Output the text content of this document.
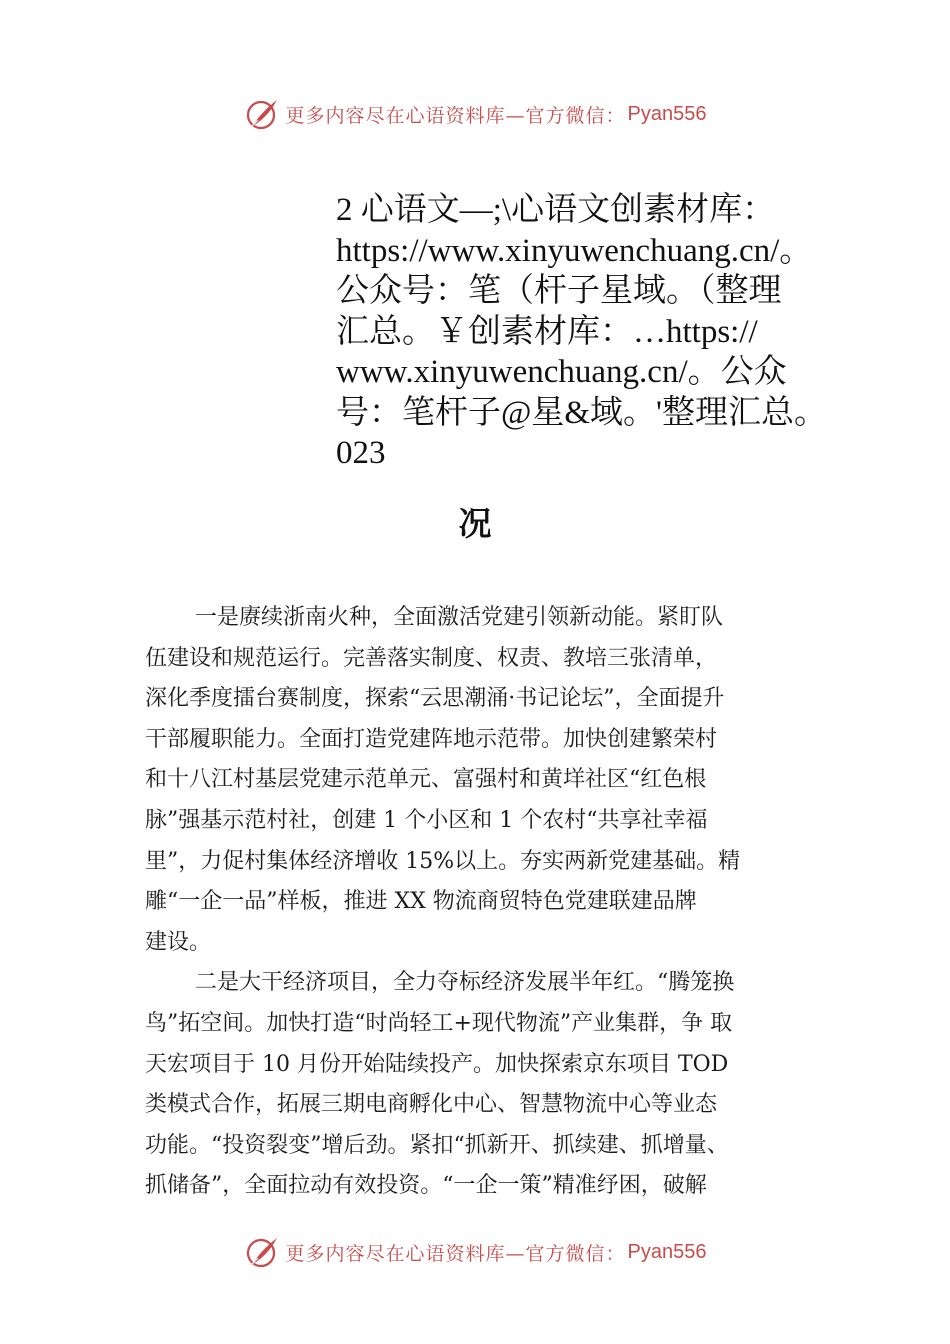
更多内容尽在心语资料库—官方微信： Pyan556
2 心语文—;\心语文创素材库：
https://www.xinyuwenchuang.cn/。
公众号：笔（杆子星域。（整理
汇总。￥创素材库：…https://
www.xinyuwenchuang.cn/。公众
号：笔杆子@星&域。'整理汇总。
023
况
一是赓续浙南火种，全面激活党建引领新动能。紧盯队
伍建设和规范运行。完善落实制度、权责、教培三张清单，
深化季度擂台赛制度，探索“云思潮涌·书记论坛”，全面提升
干部履职能力。全面打造党建阵地示范带。加快创建繁荣村
和十八江村基层党建示范单元、富强村和黄垟社区“红色根
脉”强基示范村社，创建 1 个小区和 1 个农村“共享社幸福
里”，力促村集体经济增收 15%以上。夯实两新党建基础。精
雕“一企一品”样板，推进 XX 物流商贸特色党建联建品牌
建设。
二是大干经济项目，全力夺标经济发展半年红。“腾笼换
鸟”拓空间。加快打造“时尚轻工+现代物流”产业集群，争 取
天宏项目于 10 月份开始陆续投产。加快探索京东项目 TOD
类模式合作，拓展三期电商孵化中心、智慧物流中心等业态
功能。“投资裂变”增后劲。紧扣“抓新开、抓续建、抓增量、
抓储备”，全面拉动有效投资。“一企一策”精准纾困，破解
更多内容尽在心语资料库—官方微信： Pyan556
